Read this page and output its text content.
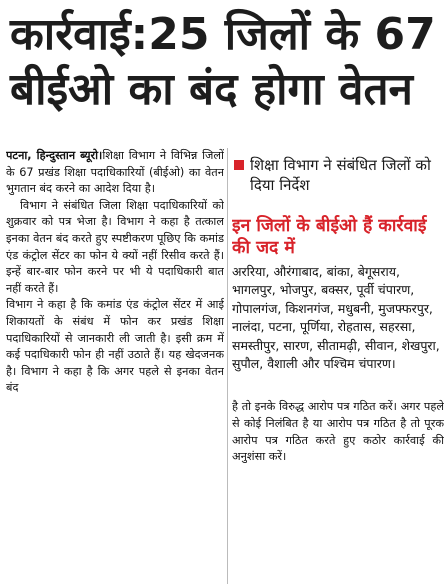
कार्रवाई:25 जिलों के 67
बीईओ का बंद होगा वेतन

पटना, हिन्दुस्तान ब्यूरो।शिक्षा विभाग ने विभिन्न जिलों के 67 प्रखंड शिक्षा पदाधिकारियों (बीईओ) का वेतन भुगतान बंद करने का आदेश दिया है।

विभाग ने संबंधित जिला शिक्षा पदाधिकारियों को शुक्रवार को पत्र भेजा है। विभाग ने कहा है तत्काल इनका वेतन बंद करते हुए स्पष्टीकरण पूछिए कि कमांड एंड कंट्रोल सेंटर का फोन ये क्यों नहीं रिसीव करते हैं। इन्हें बार-बार फोन करने पर भी ये पदाधिकारी बात नहीं करते हैं।

विभाग ने कहा है कि कमांड एंड कंट्रोल सेंटर में आई शिकायतों के संबंध में फोन कर प्रखंड शिक्षा पदाधिकारियों से जानकारी ली जाती है। इसी क्रम में कई पदाधिकारी फोन ही नहीं उठाते हैं। यह खेदजनक है। विभाग ने कहा है कि अगर पहले से इनका वेतन बंद

शिक्षा विभाग ने संबंधित जिलों को दिया निर्देश
इन जिलों के बीईओ हैं कार्रवाई की जद में
अररिया, औरंगाबाद, बांका, बेगूसराय, भागलपुर, भोजपुर, बक्सर, पूर्वी चंपारण, गोपालगंज, किशनगंज, मधुबनी, मुजफ्फरपुर, नालंदा, पटना, पूर्णिया, रोहतास, सहरसा, समस्तीपुर, सारण, सीतामढ़ी, सीवान, शेखपुरा, सुपौल, वैशाली और पश्चिम चंपारण।
है तो इनके विरुद्ध आरोप पत्र गठित करें। अगर पहले से कोई निलंबित है या आरोप पत्र गठित है तो पूरक आरोप पत्र गठित करते हुए कठोर कार्रवाई की अनुशंसा करें।
